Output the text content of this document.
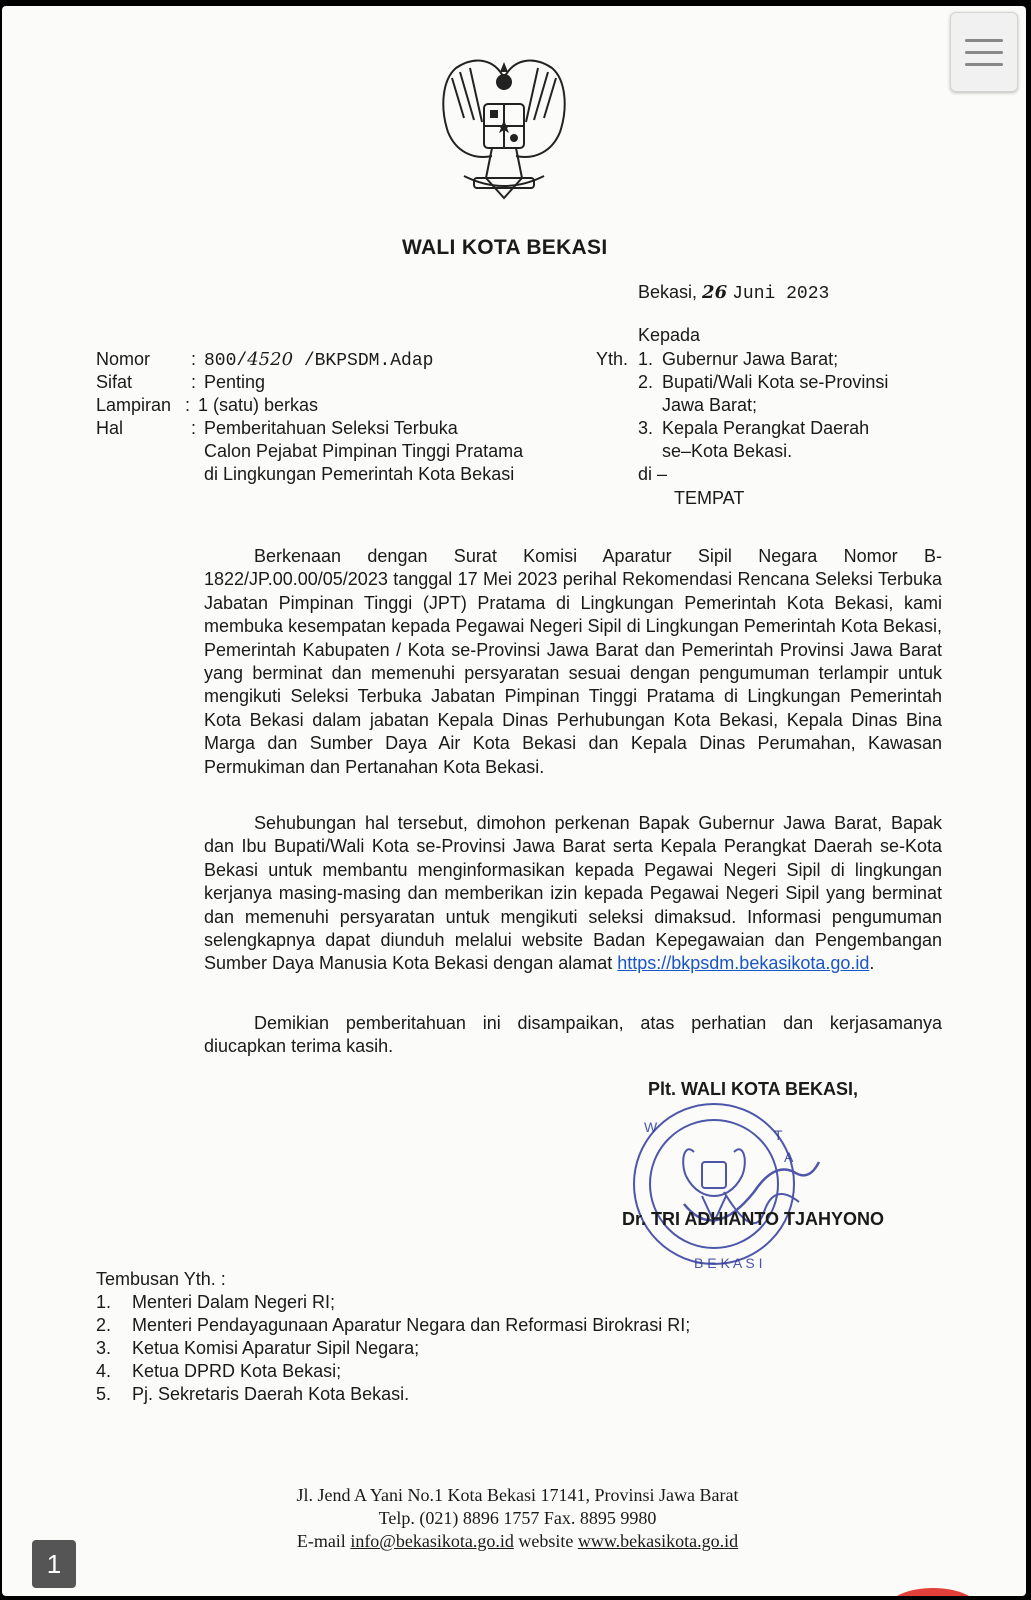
WALI KOTA BEKASI
Bekasi, 26 Juni 2023
Nomor : 800/4520 /BKPSDM.Adap
Sifat	: Penting
Lampiran : 1 (satu) berkas
Hal	: Pemberitahuan Seleksi Terbuka
Calon Pejabat Pimpinan Tinggi Pratama
di Lingkungan Pemerintah Kota Bekasi
Kepada
Yth. 1. Gubernur Jawa Barat;
2. Bupati/Wali Kota se-Provinsi
Jawa Barat;
3. Kepala Perangkat Daerah
se–Kota Bekasi.
di –
TEMPAT
Berkenaan dengan Surat Komisi Aparatur Sipil Negara Nomor B-1822/JP.00.00/05/2023 tanggal 17 Mei 2023 perihal Rekomendasi Rencana Seleksi Terbuka Jabatan Pimpinan Tinggi (JPT) Pratama di Lingkungan Pemerintah Kota Bekasi, kami membuka kesempatan kepada Pegawai Negeri Sipil di Lingkungan Pemerintah Kota Bekasi, Pemerintah Kabupaten / Kota se-Provinsi Jawa Barat dan Pemerintah Provinsi Jawa Barat yang berminat dan memenuhi persyaratan sesuai dengan pengumuman terlampir untuk mengikuti Seleksi Terbuka Jabatan Pimpinan Tinggi Pratama di Lingkungan Pemerintah Kota Bekasi dalam jabatan Kepala Dinas Perhubungan Kota Bekasi, Kepala Dinas Bina Marga dan Sumber Daya Air Kota Bekasi dan Kepala Dinas Perumahan, Kawasan Permukiman dan Pertanahan Kota Bekasi.
Sehubungan hal tersebut, dimohon perkenan Bapak Gubernur Jawa Barat, Bapak dan Ibu Bupati/Wali Kota se-Provinsi Jawa Barat serta Kepala Perangkat Daerah se-Kota Bekasi untuk membantu menginformasikan kepada Pegawai Negeri Sipil di lingkungan kerjanya masing-masing dan memberikan izin kepada Pegawai Negeri Sipil yang berminat dan memenuhi persyaratan untuk mengikuti seleksi dimaksud. Informasi pengumuman selengkapnya dapat diunduh melalui website Badan Kepegawaian dan Pengembangan Sumber Daya Manusia Kota Bekasi dengan alamat https://bkpsdm.bekasikota.go.id.
Demikian pemberitahuan ini disampaikan, atas perhatian dan kerjasamanya diucapkan terima kasih.
Plt. WALI KOTA BEKASI,
W	T
A
B E K A S I
Dr. TRI ADHIANTO TJAHYONO
Tembusan Yth. :
1. Menteri Dalam Negeri RI;
2. Menteri Pendayagunaan Aparatur Negara dan Reformasi Birokrasi RI;
3. Ketua Komisi Aparatur Sipil Negara;
4. Ketua DPRD Kota Bekasi;
5. Pj. Sekretaris Daerah Kota Bekasi.
Jl. Jend A Yani No.1 Kota Bekasi 17141, Provinsi Jawa Barat
Telp. (021) 8896 1757 Fax. 8895 9980
E-mail info@bekasikota.go.id website www.bekasikota.go.id
1
